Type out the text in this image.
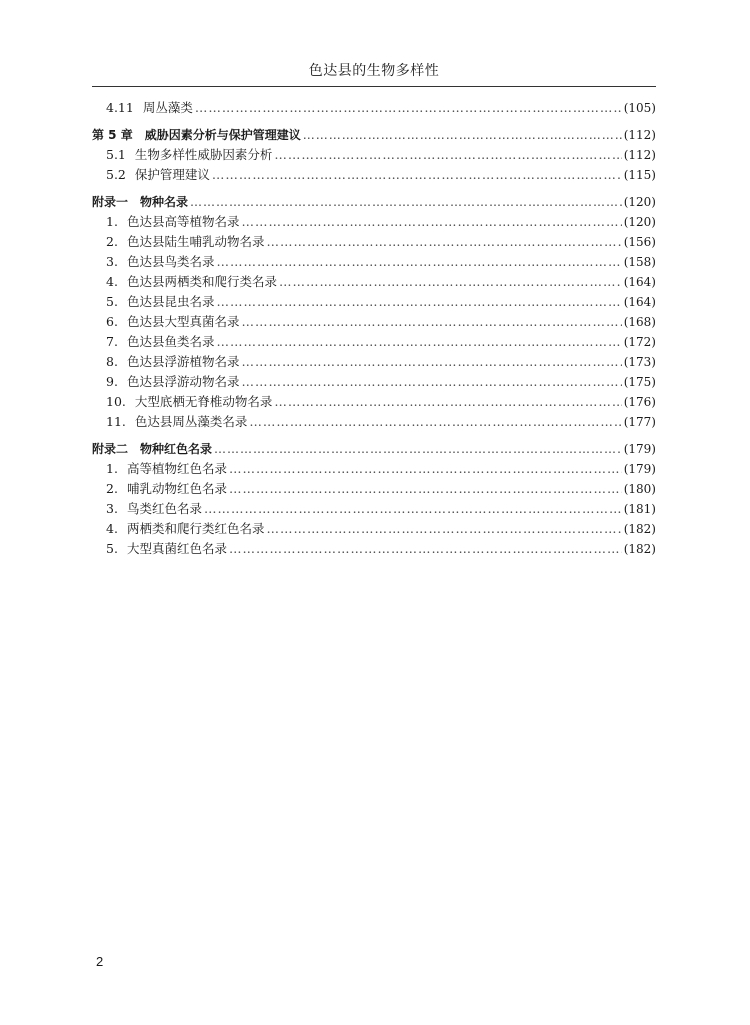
色达县的生物多样性
4.11 周丛藻类 ……………………………………………………………………………………………………………………………………………………………………………………………………	(105)
第 5 章 威胁因素分析与保护管理建议 ……………………………………………………………………………………………………………………………………………………………………………………………………	(112)
5.1 生物多样性威胁因素分析 ……………………………………………………………………………………………………………………………………………………………………………………………………	(112)
5.2 保护管理建议 ……………………………………………………………………………………………………………………………………………………………………………………………………	(115)
附录一 物种名录 ……………………………………………………………………………………………………………………………………………………………………………………………………	(120)
1. 色达县高等植物名录 ……………………………………………………………………………………………………………………………………………………………………………………………………	(120)
2. 色达县陆生哺乳动物名录 ……………………………………………………………………………………………………………………………………………………………………………………………………	(156)
3. 色达县鸟类名录 ……………………………………………………………………………………………………………………………………………………………………………………………………	(158)
4. 色达县两栖类和爬行类名录 ……………………………………………………………………………………………………………………………………………………………………………………………………	(164)
5. 色达县昆虫名录 ……………………………………………………………………………………………………………………………………………………………………………………………………	(164)
6. 色达县大型真菌名录 ……………………………………………………………………………………………………………………………………………………………………………………………………	(168)
7. 色达县鱼类名录 ……………………………………………………………………………………………………………………………………………………………………………………………………	(172)
8. 色达县浮游植物名录 ……………………………………………………………………………………………………………………………………………………………………………………………………	(173)
9. 色达县浮游动物名录 ……………………………………………………………………………………………………………………………………………………………………………………………………	(175)
10. 大型底栖无脊椎动物名录 ……………………………………………………………………………………………………………………………………………………………………………………………………	(176)
11. 色达县周丛藻类名录 ……………………………………………………………………………………………………………………………………………………………………………………………………	(177)
附录二 物种红色名录 ……………………………………………………………………………………………………………………………………………………………………………………………………	(179)
1. 高等植物红色名录 ……………………………………………………………………………………………………………………………………………………………………………………………………	(179)
2. 哺乳动物红色名录 ……………………………………………………………………………………………………………………………………………………………………………………………………	(180)
3. 鸟类红色名录 ……………………………………………………………………………………………………………………………………………………………………………………………………	(181)
4. 两栖类和爬行类红色名录 ……………………………………………………………………………………………………………………………………………………………………………………………………	(182)
5. 大型真菌红色名录 ……………………………………………………………………………………………………………………………………………………………………………………………………	(182)
2
